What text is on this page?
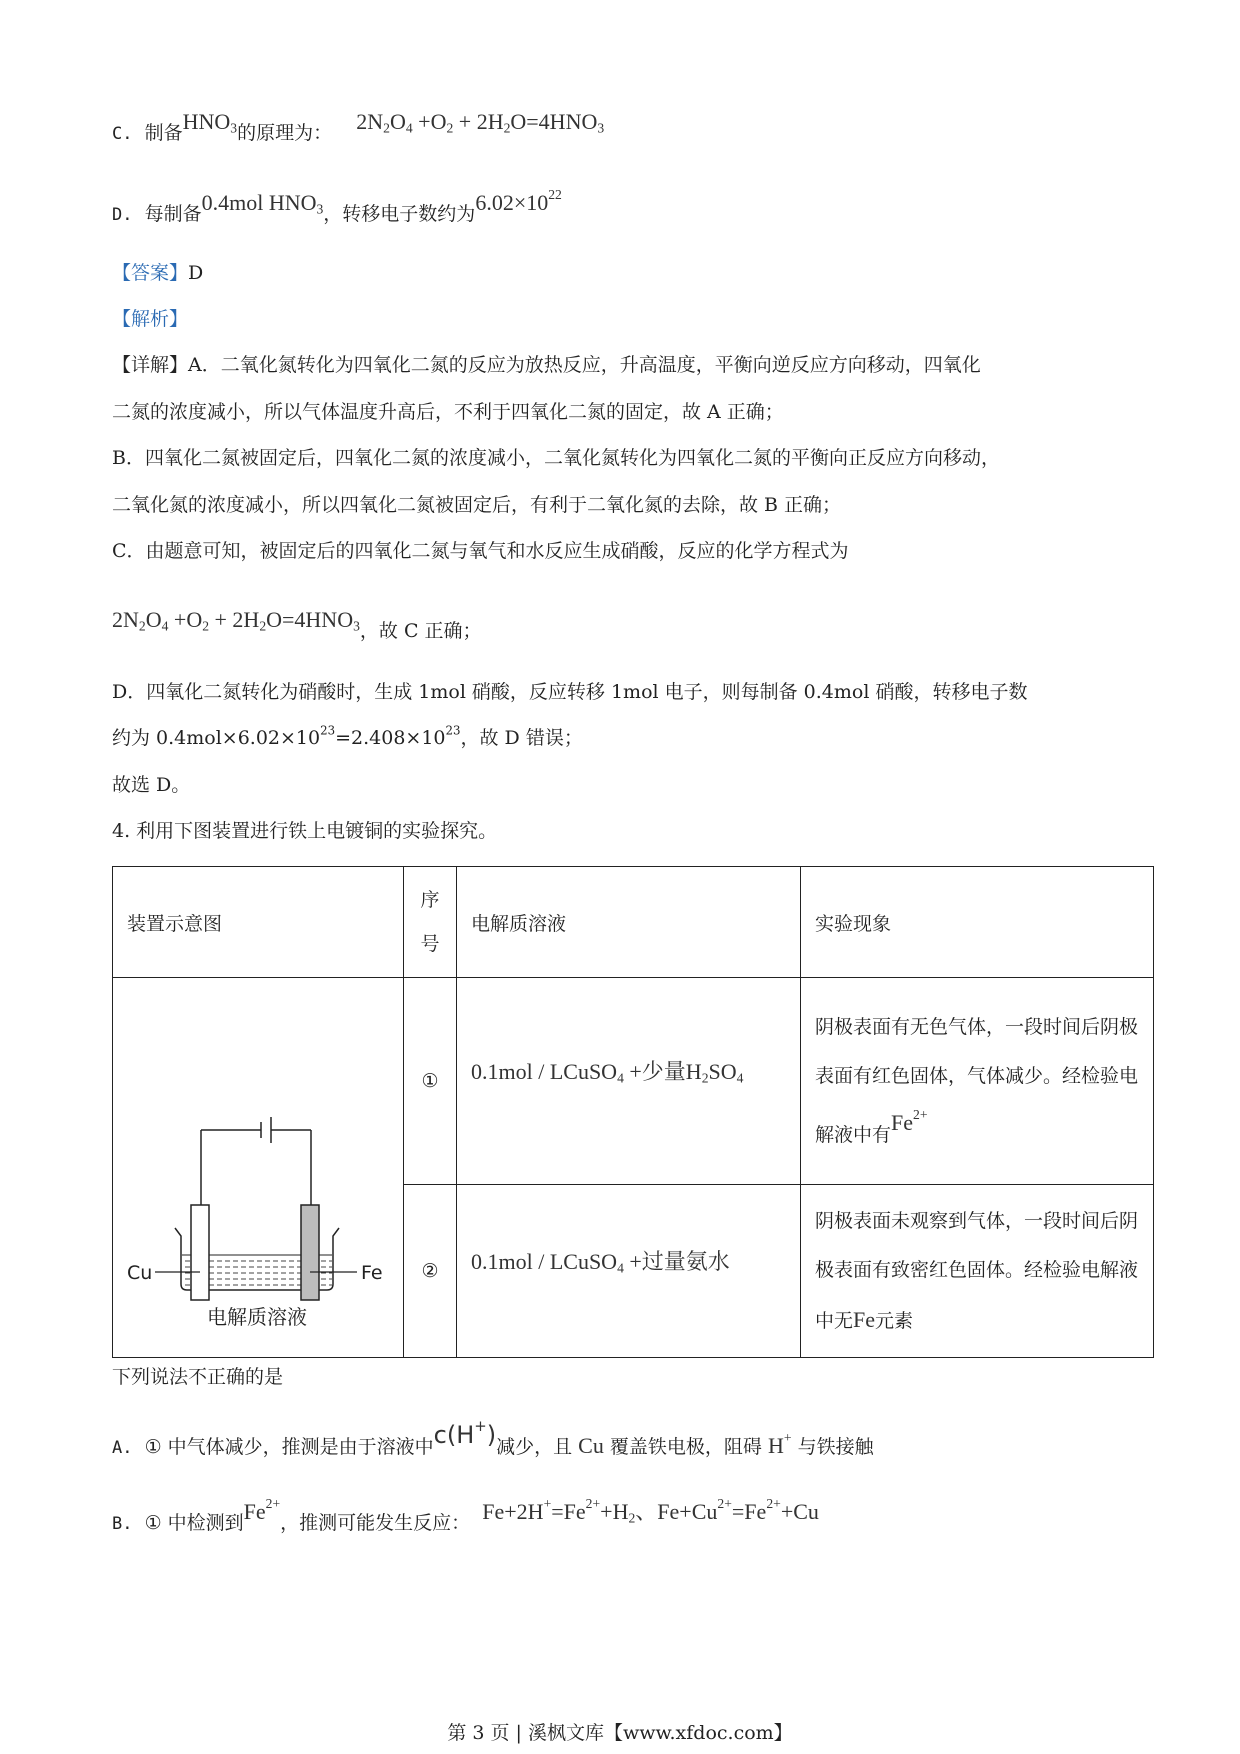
C. 制备$HNO_3$的原理为： $2N_2O_4 +O_2 + 2H_2O=4HNO_3$
D. 每制备0.4mol $HNO_3$，转移电子数约为$6.02\times 10^{22}$
【答案】D
【解析】
【详解】A．二氧化氮转化为四氧化二氮的反应为放热反应，升高温度，平衡向逆反应方向移动，四氧化
二氮的浓度减小，所以气体温度升高后，不利于四氧化二氮的固定，故 A 正确；
B．四氧化二氮被固定后，四氧化二氮的浓度减小，二氧化氮转化为四氧化二氮的平衡向正反应方向移动，
二氧化氮的浓度减小，所以四氧化二氮被固定后，有利于二氧化氮的去除，故 B 正确；
C．由题意可知，被固定后的四氧化二氮与氧气和水反应生成硝酸，反应的化学方程式为
$2N_2O_4 +O_2 + 2H_2O=4HNO_3$，故 C 正确；
D．四氧化二氮转化为硝酸时，生成 1mol 硝酸，反应转移 1mol 电子，则每制备 0.4mol 硝酸，转移电子数
约为 $0.4mol\times 6.02\times 10^{23}=2.408\times 10^{23}$，故 D 错误；
故选 D。
4. 利用下图装置进行铁上电镀铜的实验探究。
装置示意图	序号	电解质溶液	实验现象

Cu Fe
电解质溶液	①	0.1mol / LCuSO$_4$ +少量$H_2SO_4$	阴极表面有无色气体，一段时间后阴极表面有红色固体，气体减少。经检验电解液中有$Fe^{2+}$
	②	0.1mol / LCuSO$_4$ +过量氨水	阴极表面未观察到气体，一段时间后阴极表面有致密红色固体。经检验电解液中无Fe元素
下列说法不正确的是
A. ① 中气体减少，推测是由于溶液中c(H+)减少，且 Cu 覆盖铁电极，阻碍 H+ 与铁接触
B. ① 中检测到$Fe^{2+}$，推测可能发生反应： $Fe+2H^+=Fe^{2+}+H_2$、$Fe+Cu^{2+}=Fe^{2+}+Cu$
第 3 页 | 溪枫文库【www.xfdoc.com】
